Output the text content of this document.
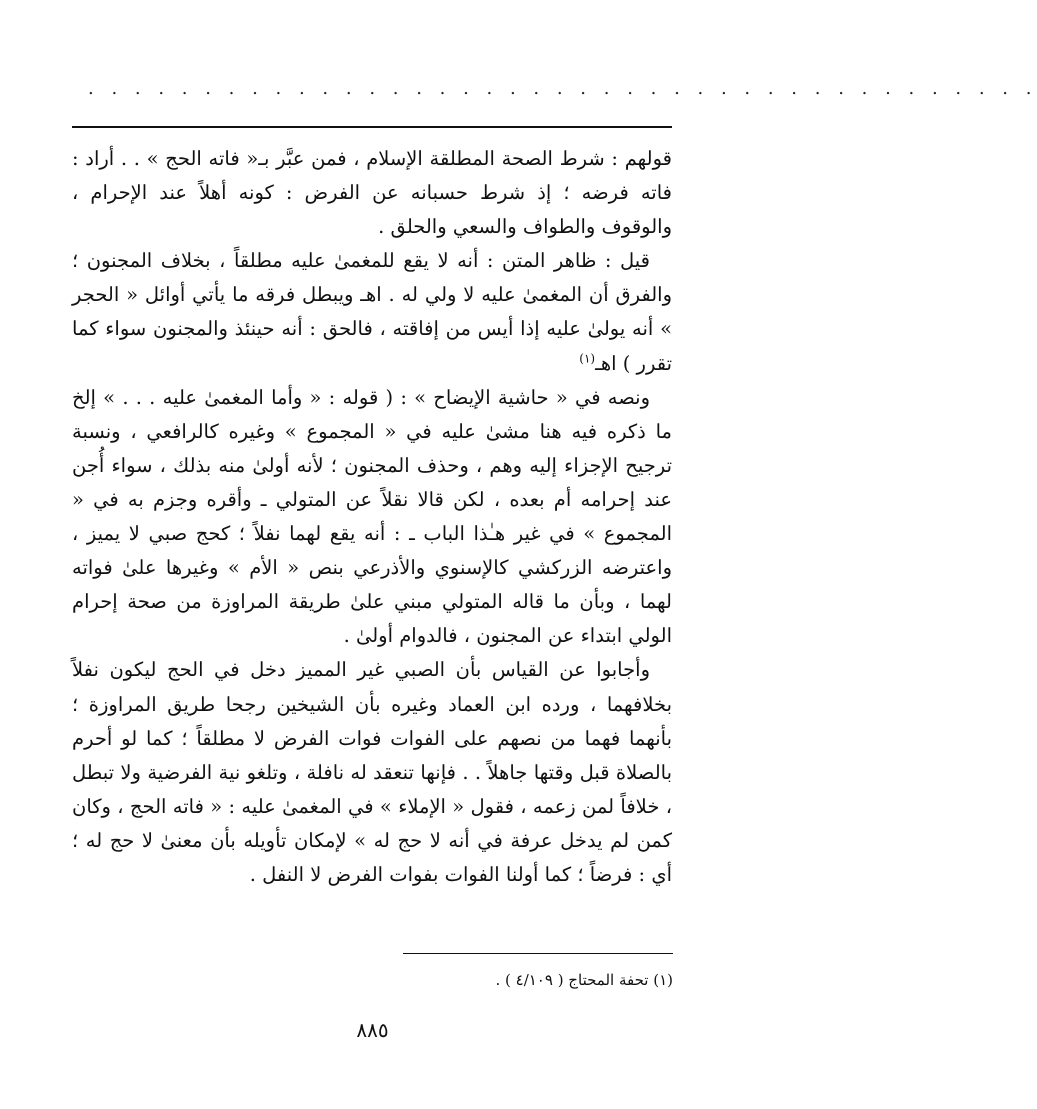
. . . . . . . . . . . . . . . . . . . . . . . . . . . . . . . . . . . . . . . . .

قولهم : شرط الصحة المطلقة الإسلام ، فمن عبَّر بـ« فاته الحج » . . أراد : فاته فرضه ؛ إذ شرط حسبانه عن الفرض : كونه أهلاً عند الإحرام ، والوقوف والطواف والسعي والحلق .

قيل : ظاهر المتن : أنه لا يقع للمغمىٰ عليه مطلقاً ، بخلاف المجنون ؛ والفرق أن المغمىٰ عليه لا ولي له . اهـ ويبطل فرقه ما يأتي أوائل « الحجر » أنه يولىٰ عليه إذا أيس من إفاقته ، فالحق : أنه حينئذ والمجنون سواء كما تقرر ) اهـ$^{(١)}$

ونصه في « حاشية الإيضاح » : ( قوله : « وأما المغمىٰ عليه . . . » إلخ ما ذكره فيه هنا مشىٰ عليه في « المجموع » وغيره كالرافعي ، ونسبة ترجيح الإجزاء إليه وهم ، وحذف المجنون ؛ لأنه أولىٰ منه بذلك ، سواء أُجن عند إحرامه أم بعده ، لكن قالا نقلاً عن المتولي ـ وأقره وجزم به في « المجموع » في غير هـٰذا الباب ـ : أنه يقع لهما نفلاً ؛ كحج صبي لا يميز ، واعترضه الزركشي كالإسنوي والأذرعي بنص « الأم » وغيرها علىٰ فواته لهما ، وبأن ما قاله المتولي مبني علىٰ طريقة المراوزة من صحة إحرام الولي ابتداء عن المجنون ، فالدوام أولىٰ .

وأجابوا عن القياس بأن الصبي غير المميز دخل في الحج ليكون نفلاً بخلافهما ، ورده ابن العماد وغيره بأن الشيخين رجحا طريق المراوزة ؛ بأنهما فهما من نصهم على الفوات فوات الفرض لا مطلقاً ؛ كما لو أحرم بالصلاة قبل وقتها جاهلاً . . فإنها تنعقد له نافلة ، وتلغو نية الفرضية ولا تبطل ، خلافاً لمن زعمه ، فقول « الإملاء » في المغمىٰ عليه : « فاته الحج ، وكان كمن لم يدخل عرفة في أنه لا حج له » لإمكان تأويله بأن معنىٰ لا حج له ؛ أي : فرضاً ؛ كما أولنا الفوات بفوات الفرض لا النفل .

(١) تحفة المحتاج ( ٤/١٠٩ ) .
٨٨٥
